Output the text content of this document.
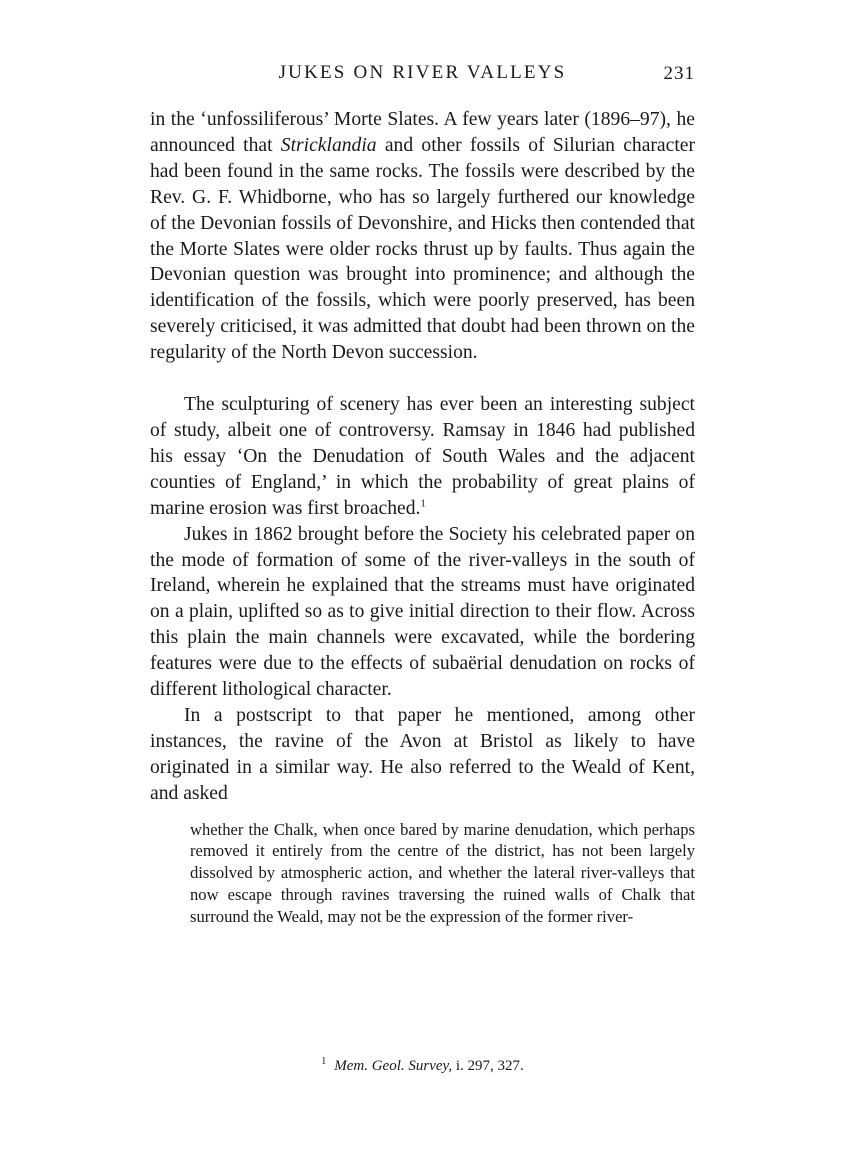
JUKES ON RIVER VALLEYS	231

in the ‘unfossiliferous’ Morte Slates. A few years later (1896–97), he announced that Stricklandia and other fossils of Silurian character had been found in the same rocks. The fossils were described by the Rev. G. F. Whidborne, who has so largely furthered our knowledge of the Devonian fossils of Devonshire, and Hicks then contended that the Morte Slates were older rocks thrust up by faults. Thus again the Devonian question was brought into prominence; and although the identification of the fossils, which were poorly preserved, has been severely criticised, it was admitted that doubt had been thrown on the regularity of the North Devon succession.

The sculpturing of scenery has ever been an interesting subject of study, albeit one of controversy. Ramsay in 1846 had published his essay ‘On the Denudation of South Wales and the adjacent counties of England,’ in which the probability of great plains of marine erosion was first broached.$^1$

Jukes in 1862 brought before the Society his celebrated paper on the mode of formation of some of the river-valleys in the south of Ireland, wherein he explained that the streams must have originated on a plain, uplifted so as to give initial direction to their flow. Across this plain the main channels were excavated, while the bordering features were due to the effects of subaërial denudation on rocks of different lithological character.

In a postscript to that paper he mentioned, among other instances, the ravine of the Avon at Bristol as likely to have originated in a similar way. He also referred to the Weald of Kent, and asked

whether the Chalk, when once bared by marine denudation, which perhaps removed it entirely from the centre of the district, has not been largely dissolved by atmospheric action, and whether the lateral river-valleys that now escape through ravines traversing the ruined walls of Chalk that surround the Weald, may not be the expression of the former river-

$^1$ Mem. Geol. Survey, i. 297, 327.
